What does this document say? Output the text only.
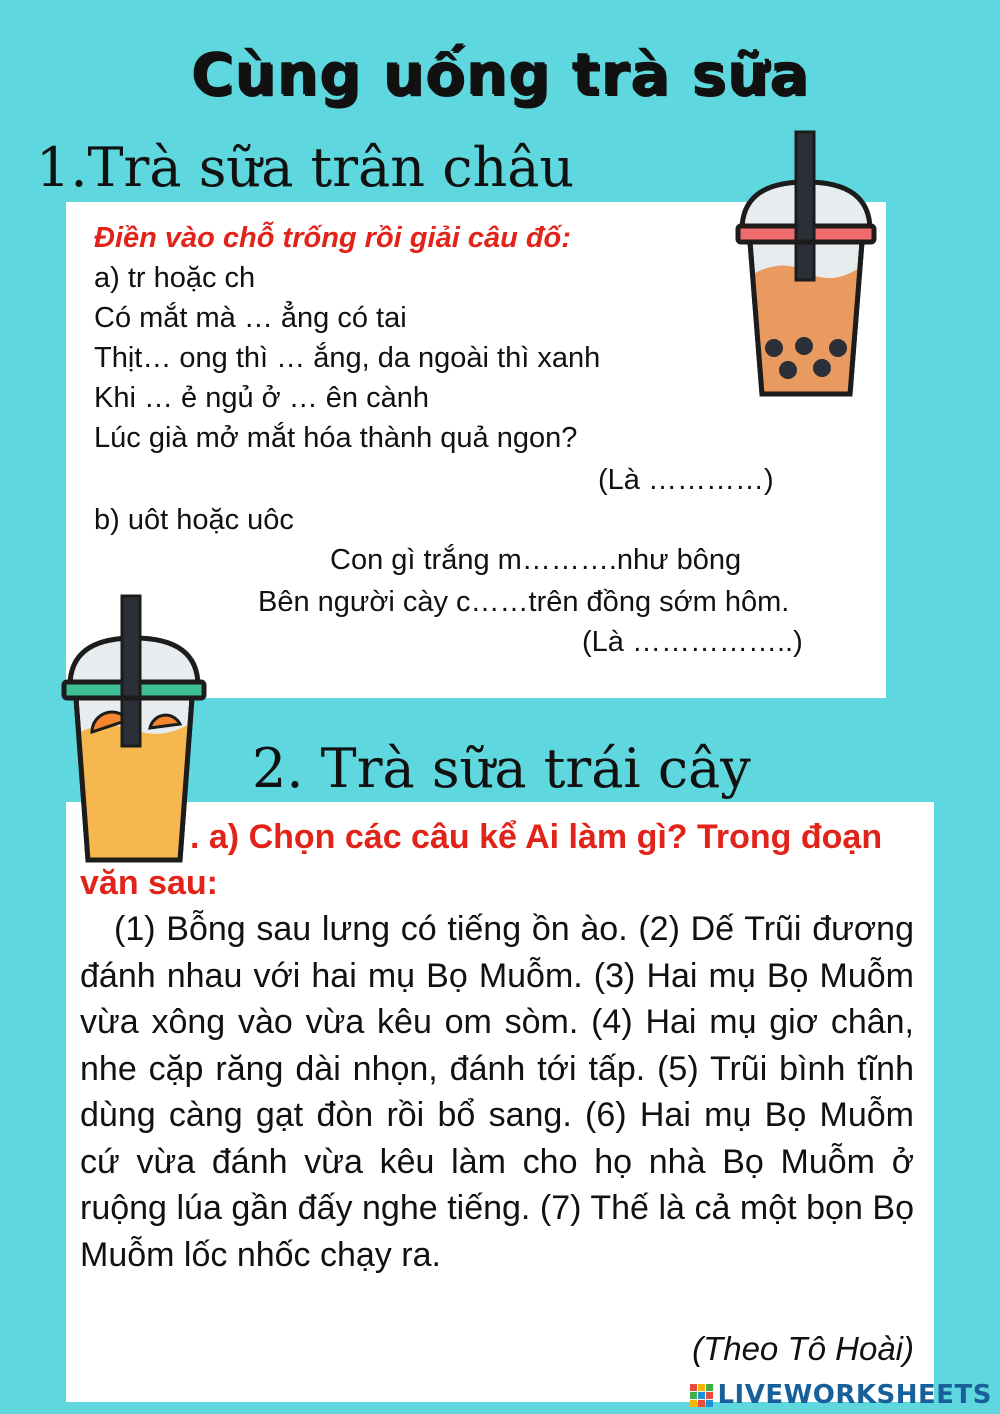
Cùng uống trà sữa
1.Trà sữa trân châu
Điền vào chỗ trống rồi giải câu đố:
a) tr hoặc ch
Có mắt mà … ẳng có tai
Thịt… ong thì … ắng, da ngoài thì xanh
Khi … ẻ ngủ ở … ên cành
Lúc già mở mắt hóa thành quả ngon?
(Là …………)
b) uôt hoặc uôc
Con gì trắng m……….như bông
Bên người cày c……trên đồng sớm hôm.
(Là ……………..)
2. Trà sữa trái cây
. a) Chọn các câu kể Ai làm gì? Trong đoạn văn sau:
(1) Bỗng sau lưng có tiếng ồn ào. (2) Dế Trũi đương đánh nhau với hai mụ Bọ Muỗm. (3) Hai mụ Bọ Muỗm vừa xông vào vừa kêu om sòm. (4) Hai mụ giơ chân, nhe cặp răng dài nhọn, đánh tới tấp. (5) Trũi bình tĩnh dùng càng gạt đòn rồi bổ sang. (6) Hai mụ Bọ Muỗm cứ vừa đánh vừa kêu làm cho họ nhà Bọ Muỗm ở ruộng lúa gần đấy nghe tiếng. (7) Thế là cả một bọn Bọ Muỗm lốc nhốc chạy ra.
(Theo Tô Hoài)
LIVEWORKSHEETS
